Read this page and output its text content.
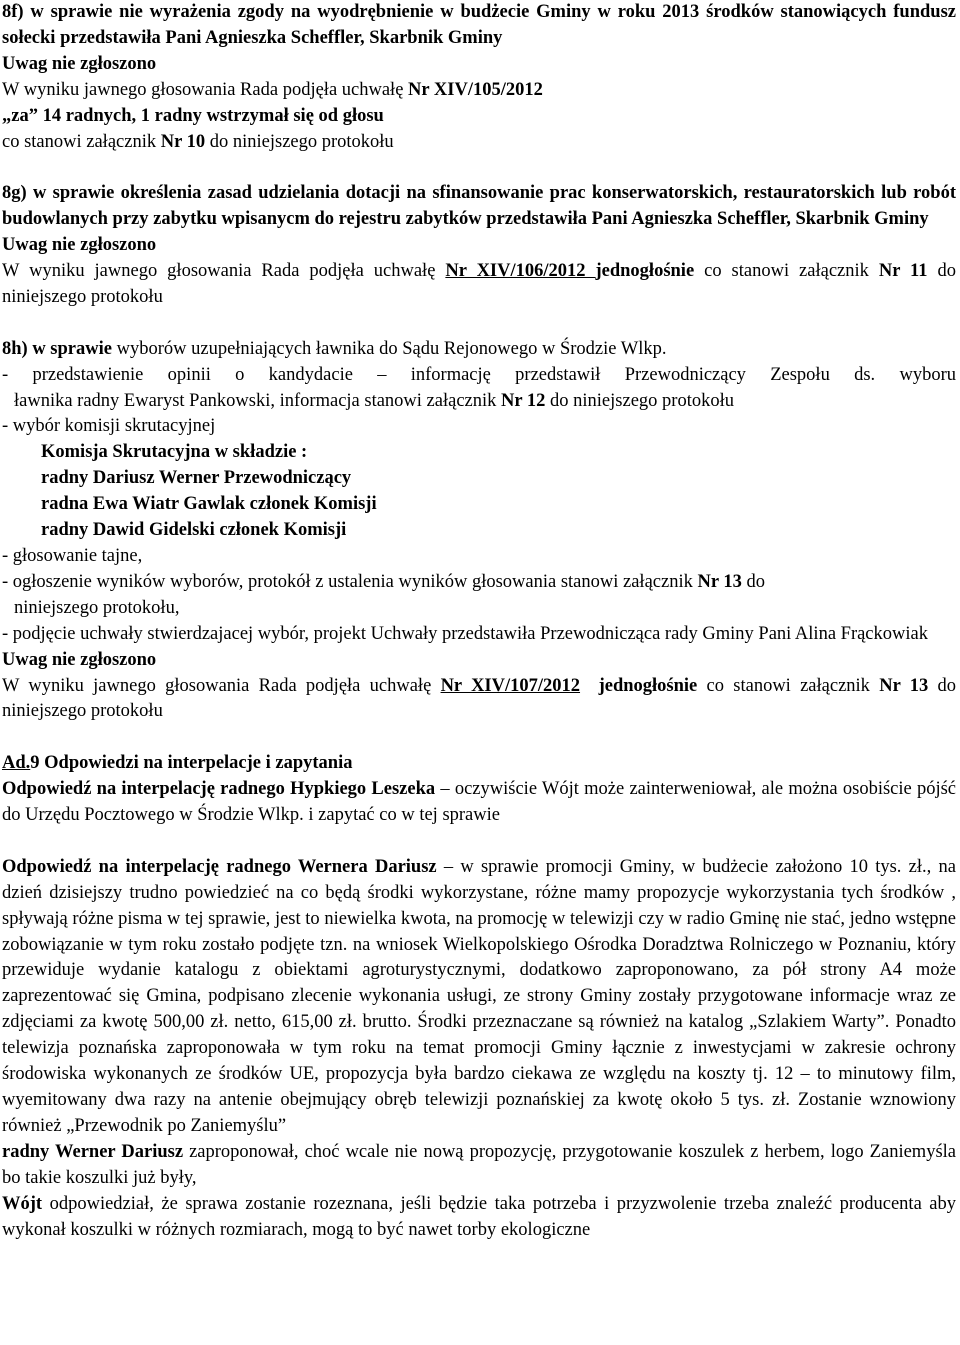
8f) w sprawie nie wyrażenia zgody na wyodrębnienie w budżecie Gminy w roku 2013 środków stanowiących fundusz sołecki przedstawiła Pani Agnieszka Scheffler, Skarbnik Gminy

Uwag nie zgłoszono

W wyniku jawnego głosowania Rada podjęła uchwałę Nr XIV/105/2012

„za” 14 radnych, 1 radny wstrzymał się od głosu

co stanowi załącznik Nr 10 do niniejszego protokołu

8g) w sprawie określenia zasad udzielania dotacji na sfinansowanie prac konserwatorskich, restauratorskich lub robót budowlanych przy zabytku wpisanycm do rejestru zabytków przedstawiła Pani Agnieszka Scheffler, Skarbnik Gminy

Uwag nie zgłoszono

W wyniku jawnego głosowania Rada podjęła uchwałę Nr XIV/106/2012 jednogłośnie co stanowi załącznik Nr 11 do niniejszego protokołu

8h) w sprawie wyborów uzupełniających ławnika do Sądu Rejonowego w Środzie Wlkp.

- przedstawienie opinii o kandydacie – informację przedstawił Przewodniczący Zespołu ds. wyboru

ławnika radny Ewaryst Pankowski, informacja stanowi załącznik Nr 12 do niniejszego protokołu

- wybór komisji skrutacyjnej

Komisja Skrutacyjna w składzie :

radny Dariusz Werner Przewodniczący

radna Ewa Wiatr Gawlak członek Komisji

radny Dawid Gidelski członek Komisji

- głosowanie tajne,

- ogłoszenie wyników wyborów, protokół z ustalenia wyników głosowania stanowi załącznik Nr 13 do

niniejszego protokołu,

- podjęcie uchwały stwierdzajacej wybór, projekt Uchwały przedstawiła Przewodnicząca rady Gminy Pani Alina Frąckowiak

Uwag nie zgłoszono

W wyniku jawnego głosowania Rada podjęła uchwałę Nr XIV/107/2012 jednogłośnie co stanowi załącznik Nr 13 do niniejszego protokołu

Ad.9 Odpowiedzi na interpelacje i zapytania

Odpowiedź na interpelację radnego Hypkiego Leszeka – oczywiście Wójt może zainterweniował, ale można osobiście pójść do Urzędu Pocztowego w Środzie Wlkp. i zapytać co w tej sprawie

Odpowiedź na interpelację radnego Wernera Dariusz – w sprawie promocji Gminy, w budżecie założono 10 tys. zł., na dzień dzisiejszy trudno powiedzieć na co będą środki wykorzystane, różne mamy propozycje wykorzystania tych środków , spływają różne pisma w tej sprawie, jest to niewielka kwota, na promocję w telewizji czy w radio Gminę nie stać, jedno wstępne zobowiązanie w tym roku zostało podjęte tzn. na wniosek Wielkopolskiego Ośrodka Doradztwa Rolniczego w Poznaniu, który przewiduje wydanie katalogu z obiektami agroturystycznymi, dodatkowo zaproponowano, za pół strony A4 może zaprezentować się Gmina, podpisano zlecenie wykonania usługi, ze strony Gminy zostały przygotowane informacje wraz ze zdjęciami za kwotę 500,00 zł. netto, 615,00 zł. brutto. Środki przeznaczane są również na katalog „Szlakiem Warty”. Ponadto telewizja poznańska zaproponowała w tym roku na temat promocji Gminy łącznie z inwestycjami w zakresie ochrony środowiska wykonanych ze środków UE, propozycja była bardzo ciekawa ze względu na koszty tj. 12 – to minutowy film, wyemitowany dwa razy na antenie obejmujący obręb telewizji poznańskiej za kwotę około 5 tys. zł. Zostanie wznowiony również „Przewodnik po Zaniemyślu”

radny Werner Dariusz zaproponował, choć wcale nie nową propozycję, przygotowanie koszulek z herbem, logo Zaniemyśla bo takie koszulki już były,

Wójt odpowiedział, że sprawa zostanie rozeznana, jeśli będzie taka potrzeba i przyzwolenie trzeba znaleźć producenta aby wykonał koszulki w różnych rozmiarach, mogą to być nawet torby ekologiczne
